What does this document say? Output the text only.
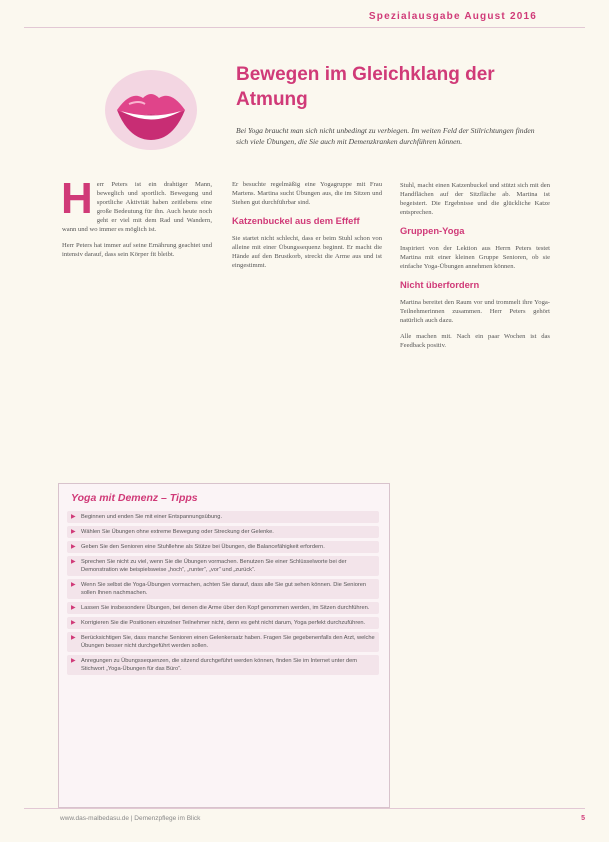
Spezialausgabe August 2016
Bewegen im Gleichklang der Atmung
Bei Yoga braucht man sich nicht unbedingt zu verbiegen. Im weiten Feld der Stilrichtungen finden sich viele Übungen, die Sie auch mit Demenzkranken durchführen können.
H err Peters ist ein drahtiger Mann, beweglich und sportlich. Bewegung und sportliche Aktivität haben zeitlebens eine große Bedeutung für ihn. Auch heute noch geht er viel mit dem Rad und Wandern, wann und wo immer es möglich ist.

Herr Peters hat immer auf seine Ernährung geachtet und intensiv darauf, dass sein Körper fit bleibt.

Er besuchte regelmäßig eine Yogagruppe mit Frau Martens. Martina sucht Übungen aus, die im Sitzen und Stehen gut durchführbar sind.

Katzenbuckel aus dem Effeff

Sie startet nicht schlecht, dass er beim Stuhl schon von alleine mit einer Übungssequenz beginnt. Er macht die Hände auf den Brustkorb, streckt die Arme aus und ist eingestimmt.

Stuhl, macht einen Katzenbuckel und stützt sich mit den Handflächen auf der Sitzfläche ab. Martina ist begeistert. Die Ergebnisse und die glückliche Katze entsprechen.

Gruppen-Yoga

Inspiriert von der Lektion aus Herrn Peters testet Martina mit einer kleinen Gruppe Senioren, ob sie einfache Yoga-Übungen annehmen können.

Nicht überfordern

Martina bereitet den Raum vor und trommelt ihre Yoga-Teilnehmerinnen zusammen. Herr Peters gehört natürlich auch dazu.

Alle machen mit. Nach ein paar Wochen ist das Feedback positiv.

Yoga mit Demenz – Tipps
▶ Beginnen und enden Sie mit einer Entspannungsübung.
▶ Wählen Sie Übungen ohne extreme Bewegung oder Streckung der Gelenke.
▶ Geben Sie den Senioren eine Stuhllehne als Stütze bei Übungen, die Balancefähigkeit erfordern.
▶ Sprechen Sie nicht zu viel, wenn Sie die Übungen vormachen. Benutzen Sie einer Schlüsselworte bei der Demonstration wie beispielsweise „hoch“, „runter“, „vor“ und „zurück“.
▶ Wenn Sie selbst die Yoga-Übungen vormachen, achten Sie darauf, dass alle Sie gut sehen können. Die Senioren sollen Ihnen nachmachen.
▶ Lassen Sie insbesondere Übungen, bei denen die Arme über den Kopf genommen werden, im Sitzen durchführen.
▶ Korrigieren Sie die Positionen einzelner Teilnehmer nicht, denn es geht nicht darum, Yoga perfekt durchzuführen.
▶ Berücksichtigen Sie, dass manche Senioren einen Gelenkersatz haben. Fragen Sie gegebenenfalls den Arzt, welche Übungen besser nicht durchgeführt werden sollen.
▶ Anregungen zu Übungssequenzen, die sitzend durchgeführt werden können, finden Sie im Internet unter dem Stichwort „Yoga-Übungen für das Büro“.
www.das-malbedasu.de | Demenzpflege im Blick	5
